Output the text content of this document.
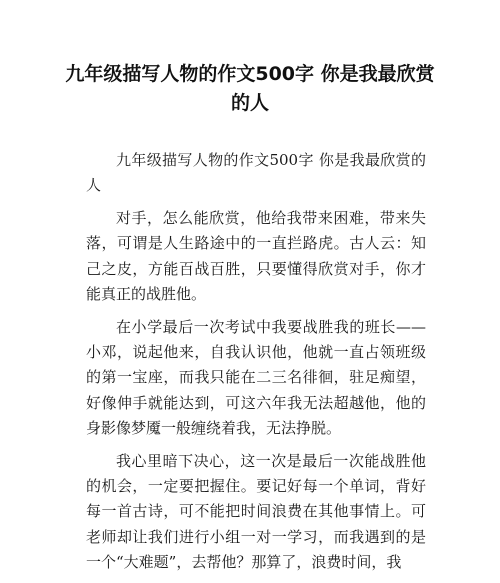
九年级描写人物的作文500字 你是我最欣赏的人

九年级描写人物的作文500字 你是我最欣赏的人

对手，怎么能欣赏，他给我带来困难，带来失落，可谓是人生路途中的一直拦路虎。古人云：知己之皮，方能百战百胜，只要懂得欣赏对手，你才能真正的战胜他。

在小学最后一次考试中我要战胜我的班长——小邓，说起他来，自我认识他，他就一直占领班级的第一宝座，而我只能在二三名徘徊，驻足痴望，好像伸手就能达到，可这六年我无法超越他，他的身影像梦魇一般缠绕着我，无法挣脱。

我心里暗下决心，这一次是最后一次能战胜他的机会，一定要把握住。要记好每一个单词，背好每一首古诗，可不能把时间浪费在其他事情上。可老师却让我们进行小组一对一学习，而我遇到的是一个“大难题”，去帮他？那算了，浪费时间，我
